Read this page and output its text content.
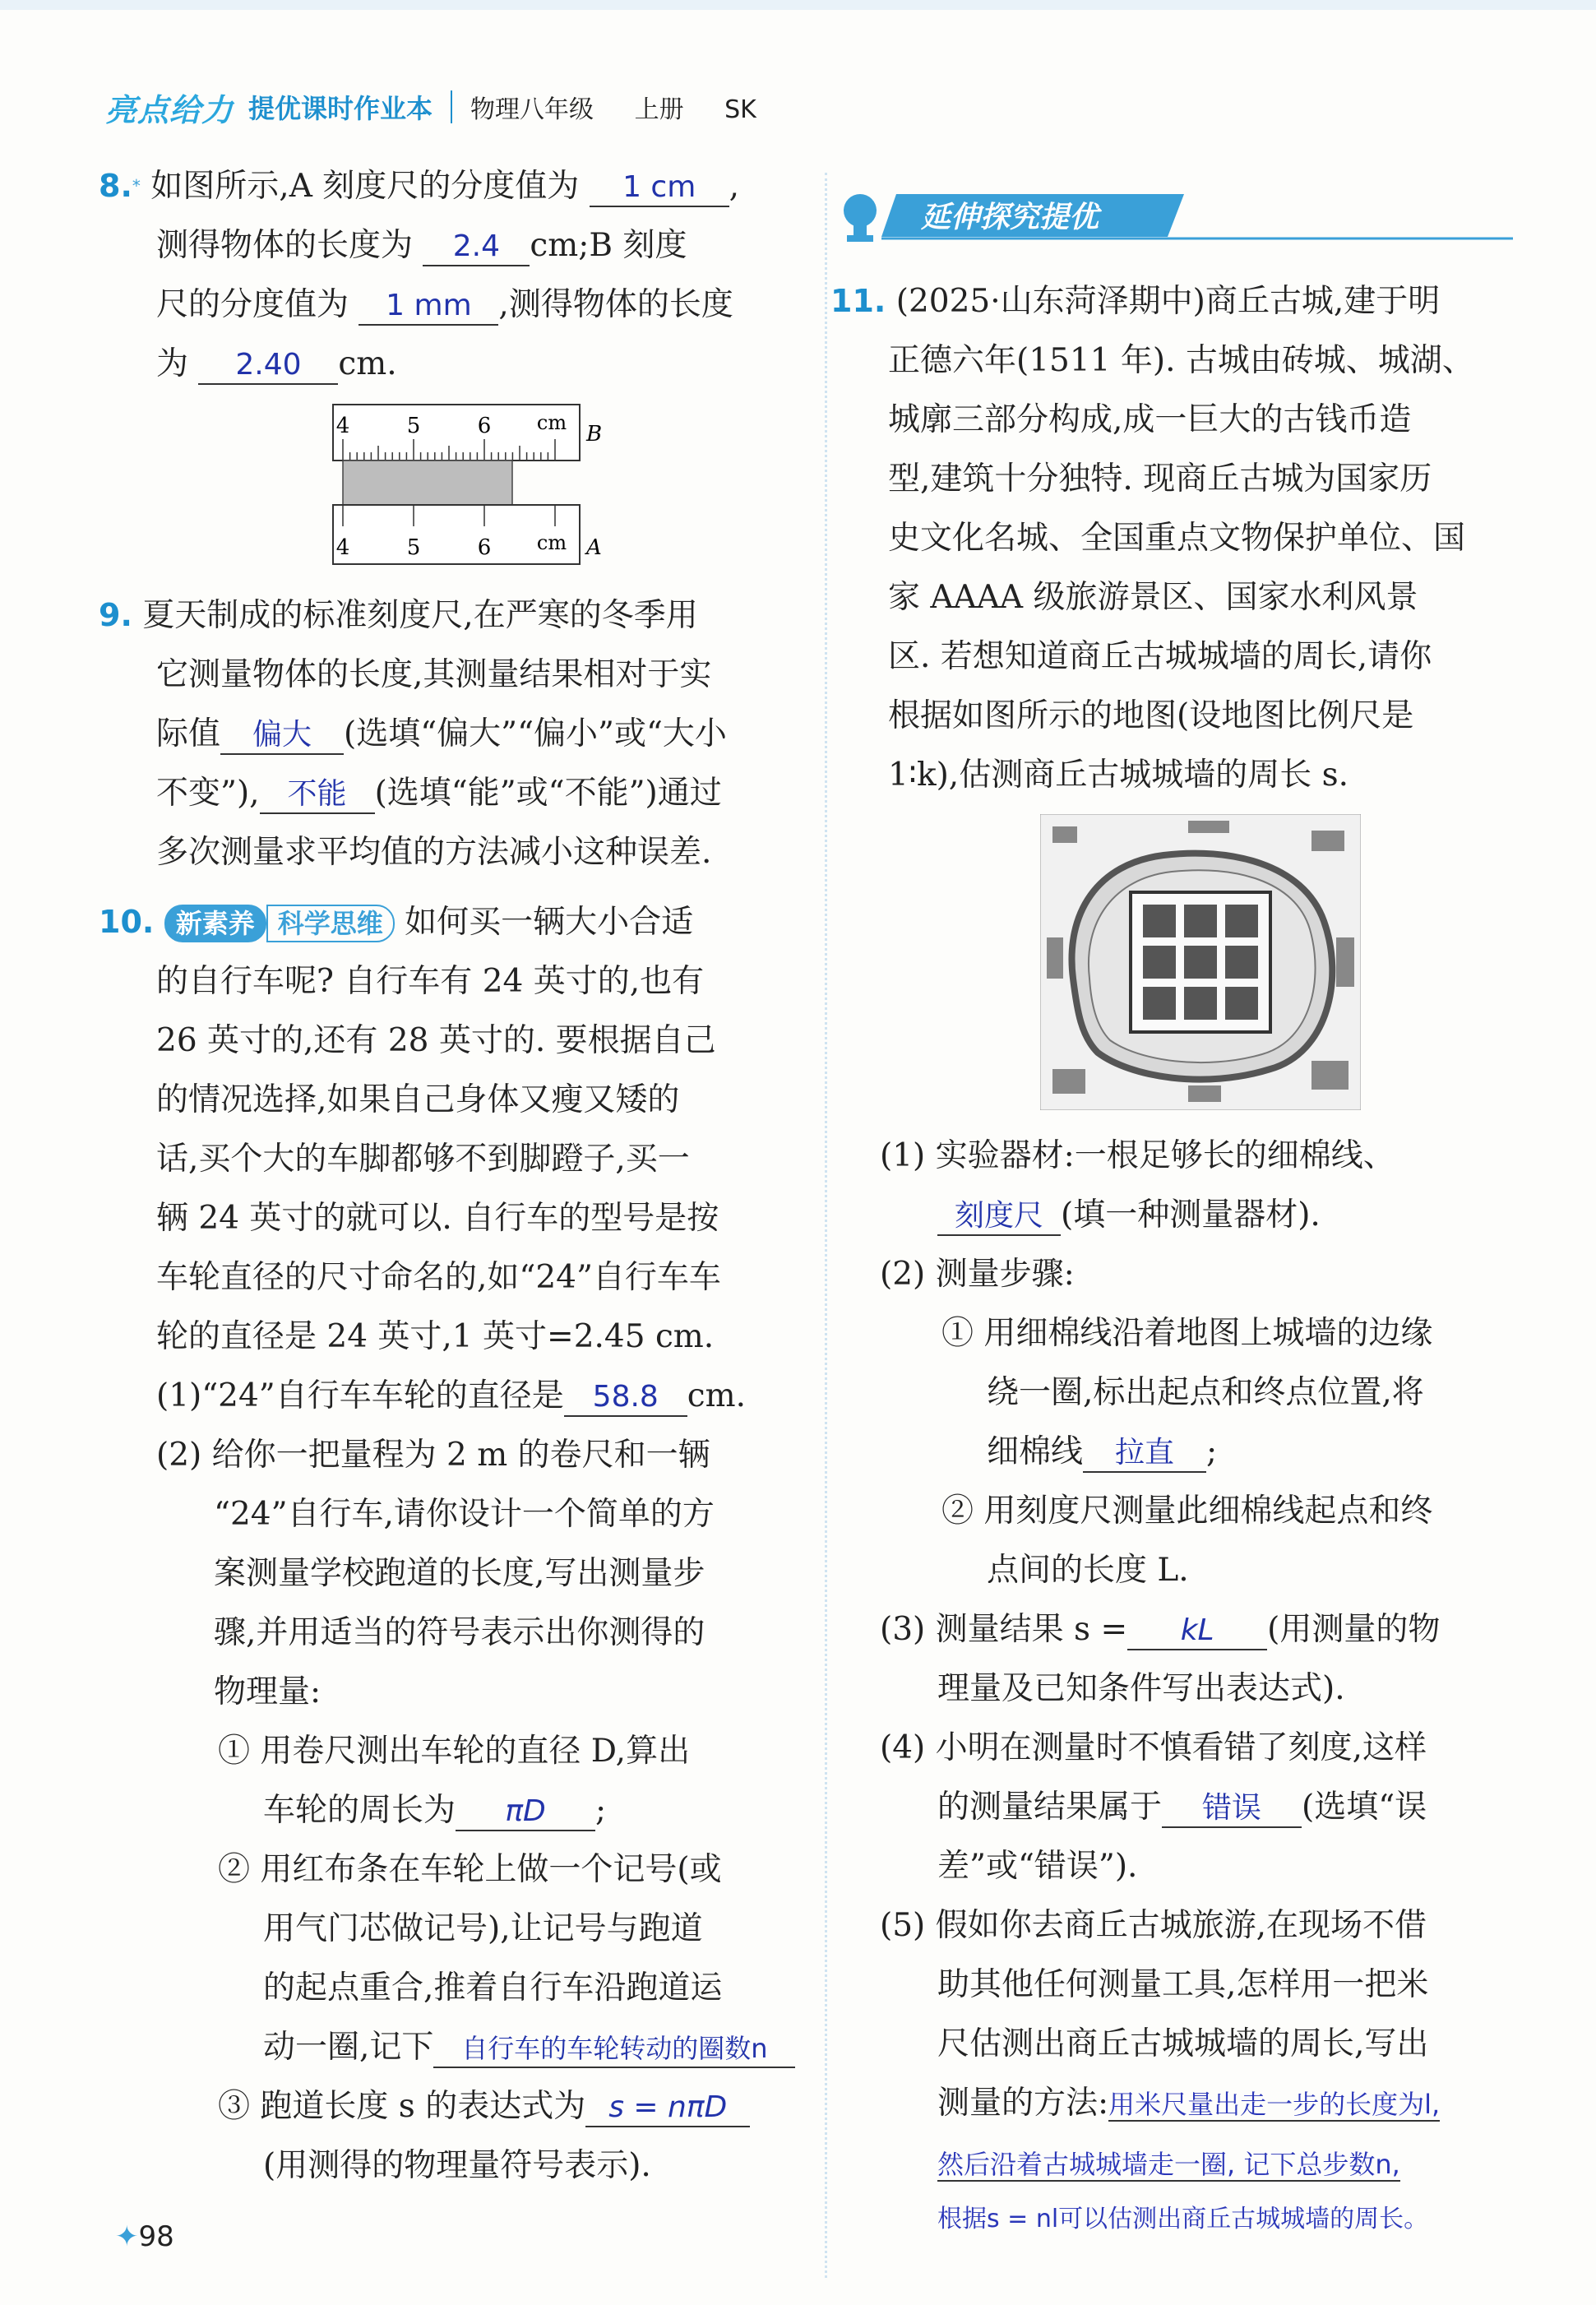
亮点给力 提优课时作业本 物理八年级 上册 SK
8.* 如图所示,A 刻度尺的分度值为 1 cm ,
测得物体的长度为 2.4 cm;B 刻度
尺的分度值为 1 mm ,测得物体的长度
为 2.40 cm.
4	5	6 cm B
4	5	6 cm A
9. 夏天制成的标准刻度尺,在严寒的冬季用
它测量物体的长度,其测量结果相对于实
际值 偏大 (选填“偏大”“偏小”或“大小
不变”), 不能 (选填“能”或“不能”)通过
多次测量求平均值的方法减小这种误差.
10. 新素养 科学思维 如何买一辆大小合适
的自行车呢? 自行车有 24 英寸的,也有
26 英寸的,还有 28 英寸的. 要根据自己
的情况选择,如果自己身体又瘦又矮的
话,买个大的车脚都够不到脚蹬子,买一
辆 24 英寸的就可以. 自行车的型号是按
车轮直径的尺寸命名的,如“24”自行车车
轮的直径是 24 英寸,1 英寸=2.45 cm.
(1)“24”自行车车轮的直径是 58.8 cm.
(2) 给你一把量程为 2 m 的卷尺和一辆
“24”自行车,请你设计一个简单的方
案测量学校跑道的长度,写出测量步
骤,并用适当的符号表示出你测得的
物理量:
① 用卷尺测出车轮的直径 D,算出
车轮的周长为 πD ;
② 用红布条在车轮上做一个记号(或
用气门芯做记号),让记号与跑道
的起点重合,推着自行车沿跑道运
动一圈,记下 自行车的车轮转动的圈数n
③ 跑道长度 s 的表达式为 s = nπD
(用测得的物理量符号表示).
✦98
延伸探究提优
11. (2025·山东菏泽期中)商丘古城,建于明
正德六年(1511 年). 古城由砖城、城湖、
城廓三部分构成,成一巨大的古钱币造
型,建筑十分独特. 现商丘古城为国家历
史文化名城、全国重点文物保护单位、国
家 AAAA 级旅游景区、国家水利风景
区. 若想知道商丘古城城墙的周长,请你
根据如图所示的地图(设地图比例尺是
1∶k),估测商丘古城城墙的周长 s.
(1) 实验器材:一根足够长的细棉线、
刻度尺 (填一种测量器材).
(2) 测量步骤:
① 用细棉线沿着地图上城墙的边缘
绕一圈,标出起点和终点位置,将
细棉线 拉直 ;
② 用刻度尺测量此细棉线起点和终
点间的长度 L.
(3) 测量结果 s = kL (用测量的物
理量及已知条件写出表达式).
(4) 小明在测量时不慎看错了刻度,这样
的测量结果属于 错误 (选填“误
差”或“错误”).
(5) 假如你去商丘古城旅游,在现场不借
助其他任何测量工具,怎样用一把米
尺估测出商丘古城城墙的周长,写出
测量的方法:用米尺量出走一步的长度为l,
然后沿着古城城墙走一圈, 记下总步数n,
根据s = nl可以估测出商丘古城城墙的周长。
